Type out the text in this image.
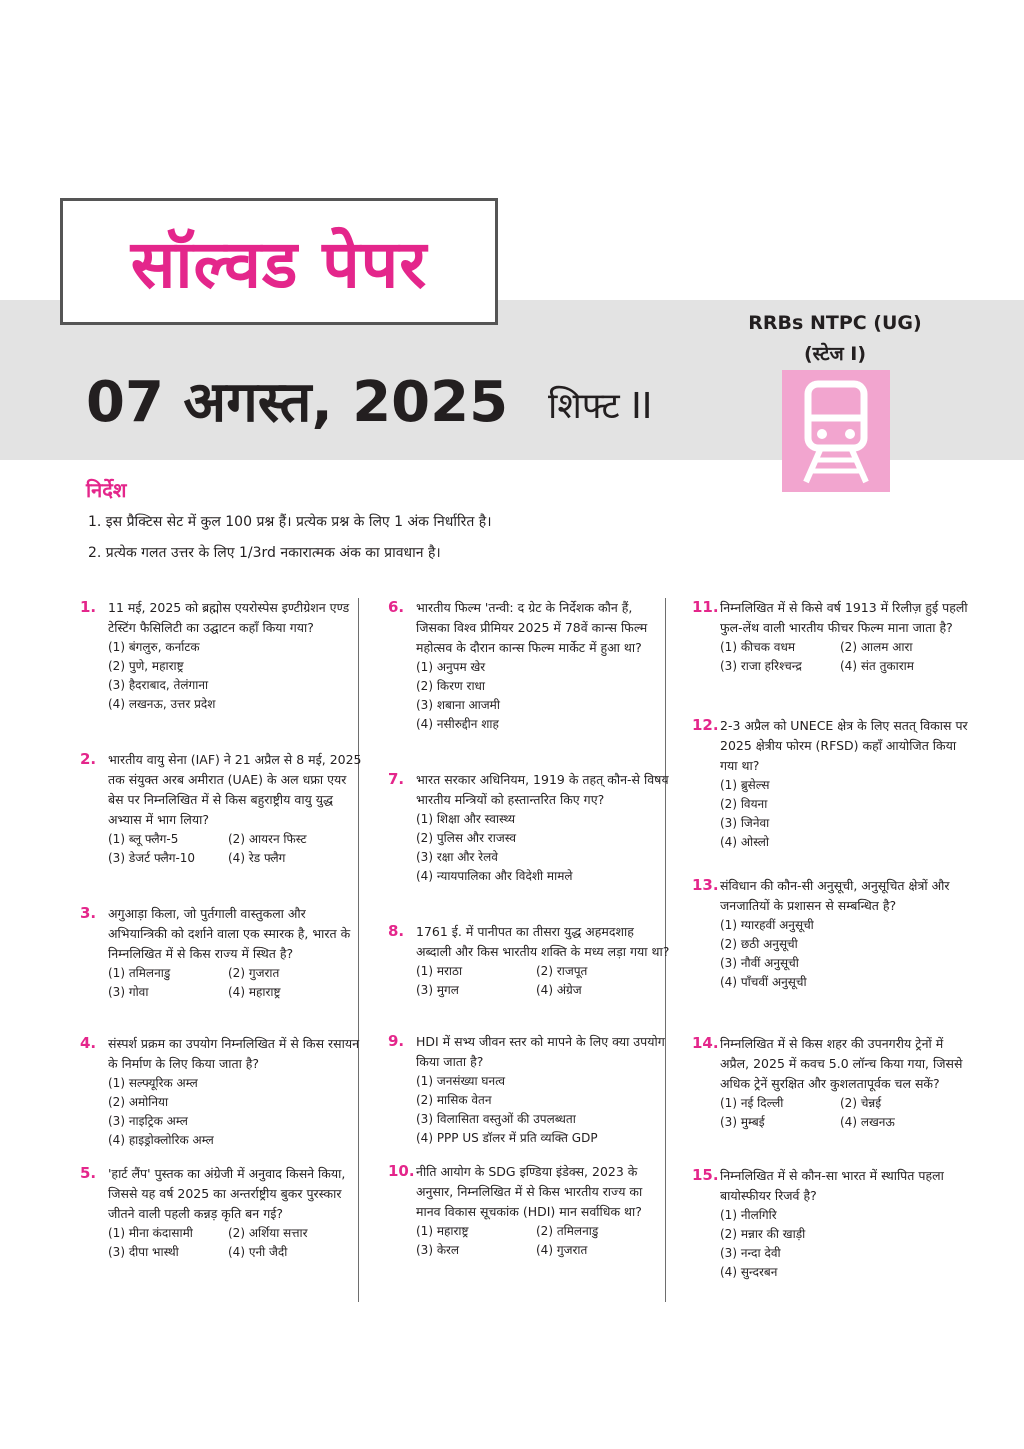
सॉल्वड पेपर
07 अगस्त, 2025 शिफ्ट II
RRBs NTPC (UG)
(स्टेज I)
निर्देश
1. इस प्रैक्टिस सेट में कुल 100 प्रश्न हैं। प्रत्येक प्रश्न के लिए 1 अंक निर्धारित है।
2. प्रत्येक गलत उत्तर के लिए 1/3rd नकारात्मक अंक का प्रावधान है।
1. 11 मई, 2025 को ब्रह्मोस एयरोस्पेस इण्टीग्रेशन एण्ड टेस्टिंग फैसिलिटी का उद्घाटन कहाँ किया गया?
(1) बंगलुरु, कर्नाटक
(2) पुणे, महाराष्ट्र
(3) हैदराबाद, तेलंगाना
(4) लखनऊ, उत्तर प्रदेश
2. भारतीय वायु सेना (IAF) ने 21 अप्रैल से 8 मई, 2025 तक संयुक्त अरब अमीरात (UAE) के अल धफ्रा एयर बेस पर निम्नलिखित में से किस बहुराष्ट्रीय वायु युद्ध अभ्यास में भाग लिया?
(1) ब्लू फ्लैग-5	(2) आयरन फिस्ट
(3) डेजर्ट फ्लैग-10	(4) रेड फ्लैग
3. अगुआड़ा किला, जो पुर्तगाली वास्तुकला और अभियान्त्रिकी को दर्शाने वाला एक स्मारक है, भारत के निम्नलिखित में से किस राज्य में स्थित है?
(1) तमिलनाडु	(2) गुजरात
(3) गोवा	(4) महाराष्ट्र
4. संस्पर्श प्रक्रम का उपयोग निम्नलिखित में से किस रसायन के निर्माण के लिए किया जाता है?
(1) सल्फ्यूरिक अम्ल
(2) अमोनिया
(3) नाइट्रिक अम्ल
(4) हाइड्रोक्लोरिक अम्ल
5. 'हार्ट लैंप' पुस्तक का अंग्रेजी में अनुवाद किसने किया, जिससे यह वर्ष 2025 का अन्तर्राष्ट्रीय बुकर पुरस्कार जीतने वाली पहली कन्नड़ कृति बन गई?
(1) मीना कंदासामी	(2) अर्शिया सत्तार
(3) दीपा भास्थी	(4) एनी जैदी
6. भारतीय फिल्म 'तन्वी: द ग्रेट के निर्देशक कौन हैं, जिसका विश्व प्रीमियर 2025 में 78वें कान्स फिल्म महोत्सव के दौरान कान्स फिल्म मार्केट में हुआ था?
(1) अनुपम खेर
(2) किरण राधा
(3) शबाना आजमी
(4) नसीरुद्दीन शाह
7. भारत सरकार अधिनियम, 1919 के तहत् कौन-से विषय भारतीय मन्त्रियों को हस्तान्तरित किए गए?
(1) शिक्षा और स्वास्थ्य
(2) पुलिस और राजस्व
(3) रक्षा और रेलवे
(4) न्यायपालिका और विदेशी मामले
8. 1761 ई. में पानीपत का तीसरा युद्ध अहमदशाह अब्दाली और किस भारतीय शक्ति के मध्य लड़ा गया था?
(1) मराठा	(2) राजपूत
(3) मुगल	(4) अंग्रेज
9. HDI में सभ्य जीवन स्तर को मापने के लिए क्या उपयोग किया जाता है?
(1) जनसंख्या घनत्व
(2) मासिक वेतन
(3) विलासिता वस्तुओं की उपलब्धता
(4) PPP US डॉलर में प्रति व्यक्ति GDP
10. नीति आयोग के SDG इण्डिया इंडेक्स, 2023 के अनुसार, निम्नलिखित में से किस भारतीय राज्य का मानव विकास सूचकांक (HDI) मान सर्वाधिक था?
(1) महाराष्ट्र	(2) तमिलनाडु
(3) केरल	(4) गुजरात
11. निम्नलिखित में से किसे वर्ष 1913 में रिलीज़ हुई पहली फुल-लेंथ वाली भारतीय फीचर फिल्म माना जाता है?
(1) कीचक वधम	(2) आलम आरा
(3) राजा हरिश्चन्द्र	(4) संत तुकाराम
12. 2-3 अप्रैल को UNECE क्षेत्र के लिए सतत् विकास पर 2025 क्षेत्रीय फोरम (RFSD) कहाँ आयोजित किया गया था?
(1) ब्रुसेल्स
(2) वियना
(3) जिनेवा
(4) ओस्लो
13. संविधान की कौन-सी अनुसूची, अनुसूचित क्षेत्रों और जनजातियों के प्रशासन से सम्बन्धित है?
(1) ग्यारहवीं अनुसूची
(2) छठी अनुसूची
(3) नौवीं अनुसूची
(4) पाँचवीं अनुसूची
14. निम्नलिखित में से किस शहर की उपनगरीय ट्रेनों में अप्रैल, 2025 में कवच 5.0 लॉन्च किया गया, जिससे अधिक ट्रेनें सुरक्षित और कुशलतापूर्वक चल सकें?
(1) नई दिल्ली	(2) चेन्नई
(3) मुम्बई	(4) लखनऊ
15. निम्नलिखित में से कौन-सा भारत में स्थापित पहला बायोस्फीयर रिजर्व है?
(1) नीलगिरि
(2) मन्नार की खाड़ी
(3) नन्दा देवी
(4) सुन्दरबन
